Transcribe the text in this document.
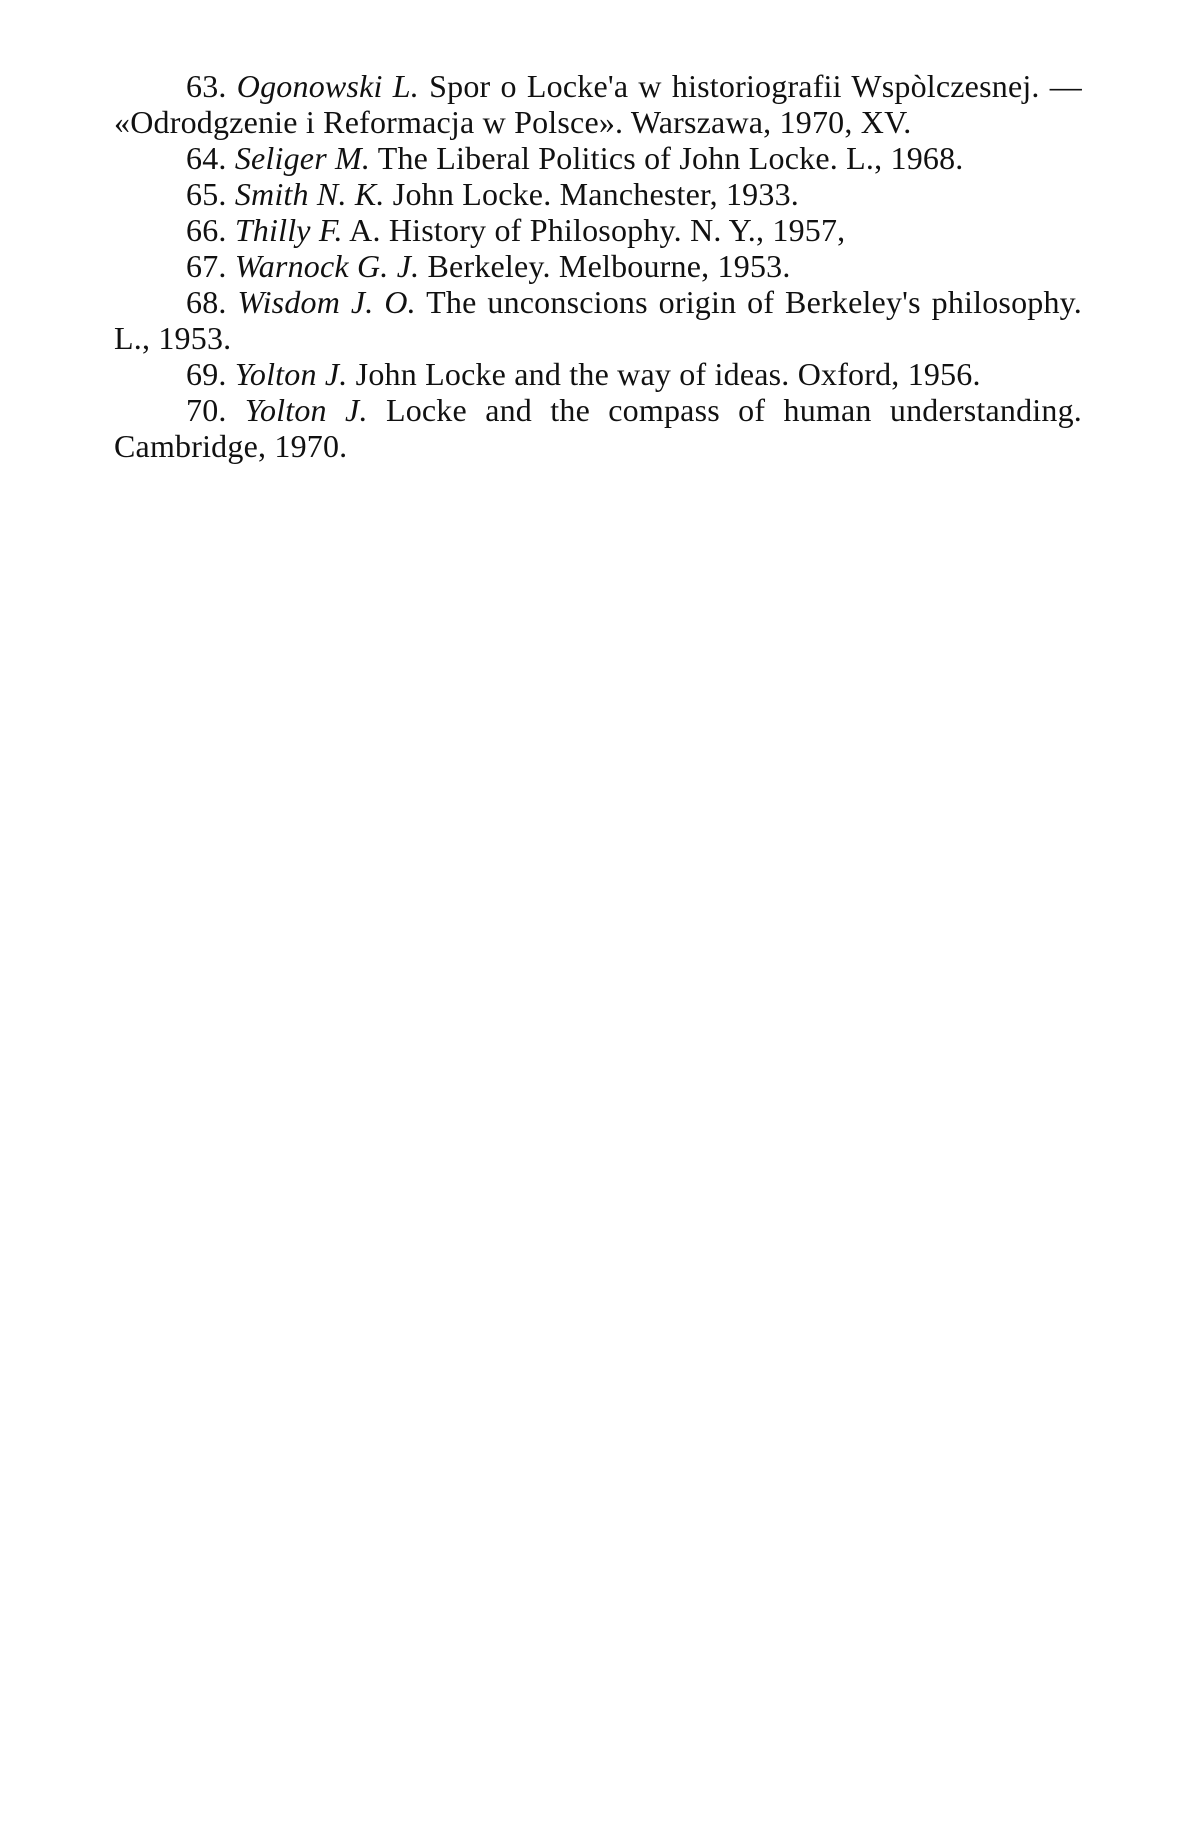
63. Ogonowski L. Spor o Locke'a w historiografii Wspòlczesnej. — «Odrodgzenie i Reformacja w Polsce». Warszawa, 1970, XV.

64. Seliger M. The Liberal Politics of John Locke. L., 1968.

65. Smith N. K. John Locke. Manchester, 1933.

66. Thilly F. A. History of Philosophy. N. Y., 1957,

67. Warnock G. J. Berkeley. Melbourne, 1953.

68. Wisdom J. O. The unconscions origin of Berkeley's philosophy. L., 1953.

69. Yolton J. John Locke and the way of ideas. Oxford, 1956.

70. Yolton J. Locke and the compass of human understanding. Cambridge, 1970.
